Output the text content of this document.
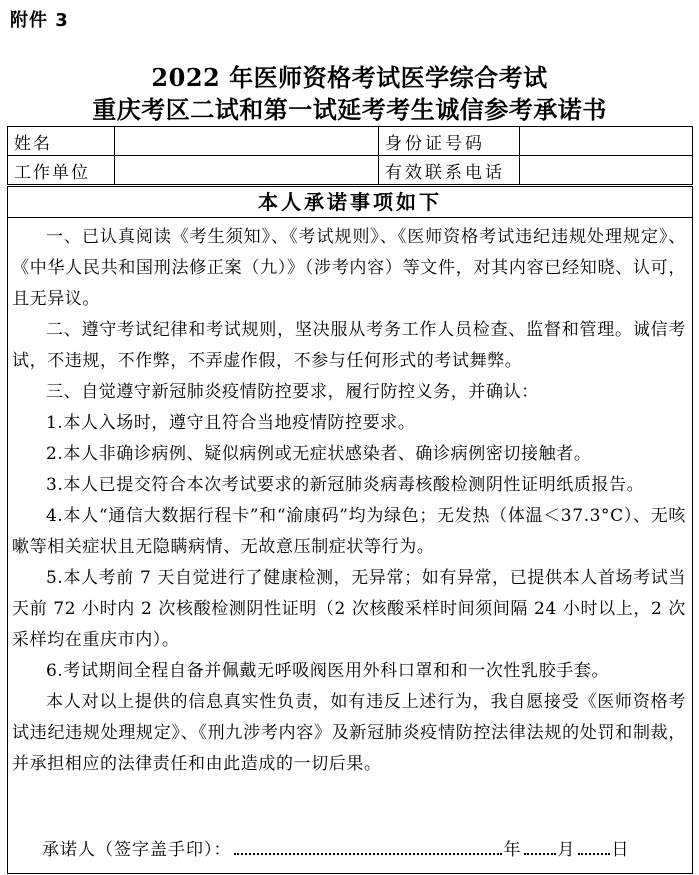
附件 3
2022 年医师资格考试医学综合考试
重庆考区二试和第一试延考考生诚信参考承诺书
姓名		身份证号码	
工作单位		有效联系电话	
本人承诺事项如下

一、已认真阅读《考生须知》、《考试规则》、《医师资格考试违纪违规处理规定》、《中华人民共和国刑法修正案（九）》（涉考内容）等文件，对其内容已经知晓、认可，且无异议。

二、遵守考试纪律和考试规则，坚决服从考务工作人员检查、监督和管理。诚信考试，不违规，不作弊，不弄虚作假，不参与任何形式的考试舞弊。

三、自觉遵守新冠肺炎疫情防控要求，履行防控义务，并确认：

1.本人入场时，遵守且符合当地疫情防控要求。

2.本人非确诊病例、疑似病例或无症状感染者、确诊病例密切接触者。

3.本人已提交符合本次考试要求的新冠肺炎病毒核酸检测阴性证明纸质报告。

4.本人“通信大数据行程卡”和“渝康码”均为绿色；无发热（体温＜37.3°C）、无咳嗽等相关症状且无隐瞒病情、无故意压制症状等行为。

5.本人考前 7 天自觉进行了健康检测，无异常；如有异常，已提供本人首场考试当天前 72 小时内 2 次核酸检测阴性证明（2 次核酸采样时间须间隔 24 小时以上，2 次采样均在重庆市内）。

6.考试期间全程自备并佩戴无呼吸阀医用外科口罩和和一次性乳胶手套。

本人对以上提供的信息真实性负责，如有违反上述行为，我自愿接受《医师资格考试违纪违规处理规定》、《刑九涉考内容》及新冠肺炎疫情防控法律法规的处罚和制裁，并承担相应的法律责任和由此造成的一切后果。

承诺人（签字盖手印）：	年 月 日
